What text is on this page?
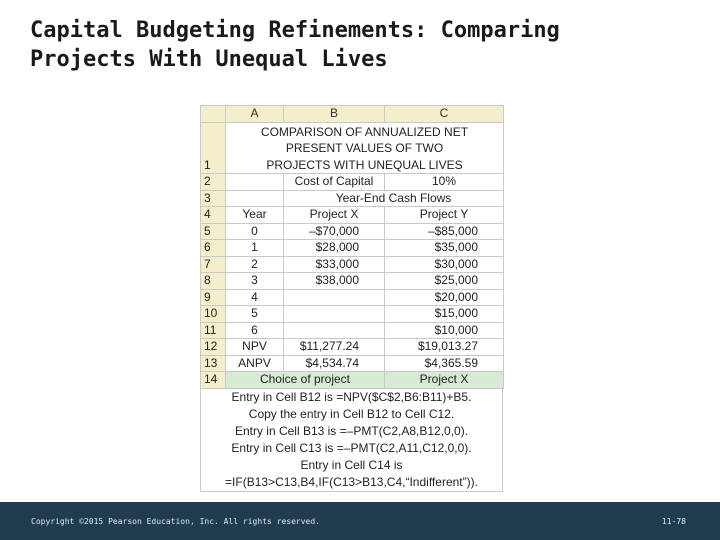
Capital Budgeting Refinements: Comparing
Projects With Unequal Lives
	A	B	C
1	COMPARISON OF ANNUALIZED NET
PRESENT VALUES OF TWO
PROJECTS WITH UNEQUAL LIVES		

2		Cost of Capital	10%
3		Year-End Cash Flows	
4	Year	Project X	Project Y
5	0	–$70,000	–$85,000
6	1	$28,000	$35,000
7	2	$33,000	$30,000
8	3	$38,000	$25,000
9	4		$20,000
10	5		$15,000
11	6		$10,000
12	NPV	$11,277.24	$19,013.27
13	ANPV	$4,534.74	$4,365.59
14	Choice of project		Project X
Entry in Cell B12 is =NPV($C$2,B6:B11)+B5.
Copy the entry in Cell B12 to Cell C12.
Entry in Cell B13 is =–PMT(C2,A8,B12,0,0).
Entry in Cell C13 is =–PMT(C2,A11,C12,0,0).
Entry in Cell C14 is
=IF(B13>C13,B4,IF(C13>B13,C4,“Indifferent”)).
Copyright ©2015 Pearson Education, Inc. All rights reserved.	11-78
